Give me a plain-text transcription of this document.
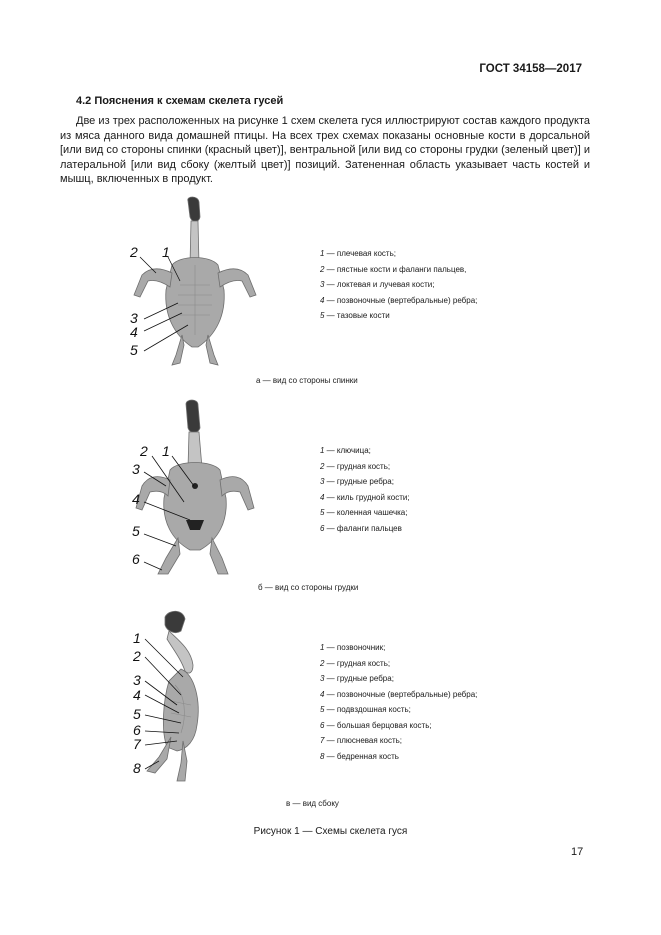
ГОСТ 34158—2017
4.2 Пояснения к схемам скелета гусей
Две из трех расположенных на рисунке 1 схем скелета гуся иллюстрируют состав каждого продукта из мяса данного вида домашней птицы. На всех трех схемах показаны основные кости в дорсальной [или вид со стороны спинки (красный цвет)], вентральной [или вид со стороны грудки (зеленый цвет)] и латеральной [или вид сбоку (желтый цвет)] позиций. Затененная область указывает часть костей и мышц, включенных в продукт.
2 1
3
4
5
1 — плечевая кость;
2 — пястные кости и фаланги пальцев,
3 — локтевая и лучевая кости;
4 — позвоночные (вертебральные) ребра;
5 — тазовые кости
а — вид со стороны спинки
2 1
3
4
5
6
1 — ключица;
2 — грудная кость;
3 — грудные ребра;
4 — киль грудной кости;
5 — коленная чашечка;
6 — фаланги пальцев
б — вид со стороны грудки
1
2
3
4
5
6
7
8
1 — позвоночник;
2 — грудная кость;
3 — грудные ребра;
4 — позвоночные (вертебральные) ребра;
5 — подвздошная кость;
6 — большая берцовая кость;
7 — плюсневая кость;
8 — бедренная кость
в — вид сбоку
Рисунок 1 — Схемы скелета гуся
17
